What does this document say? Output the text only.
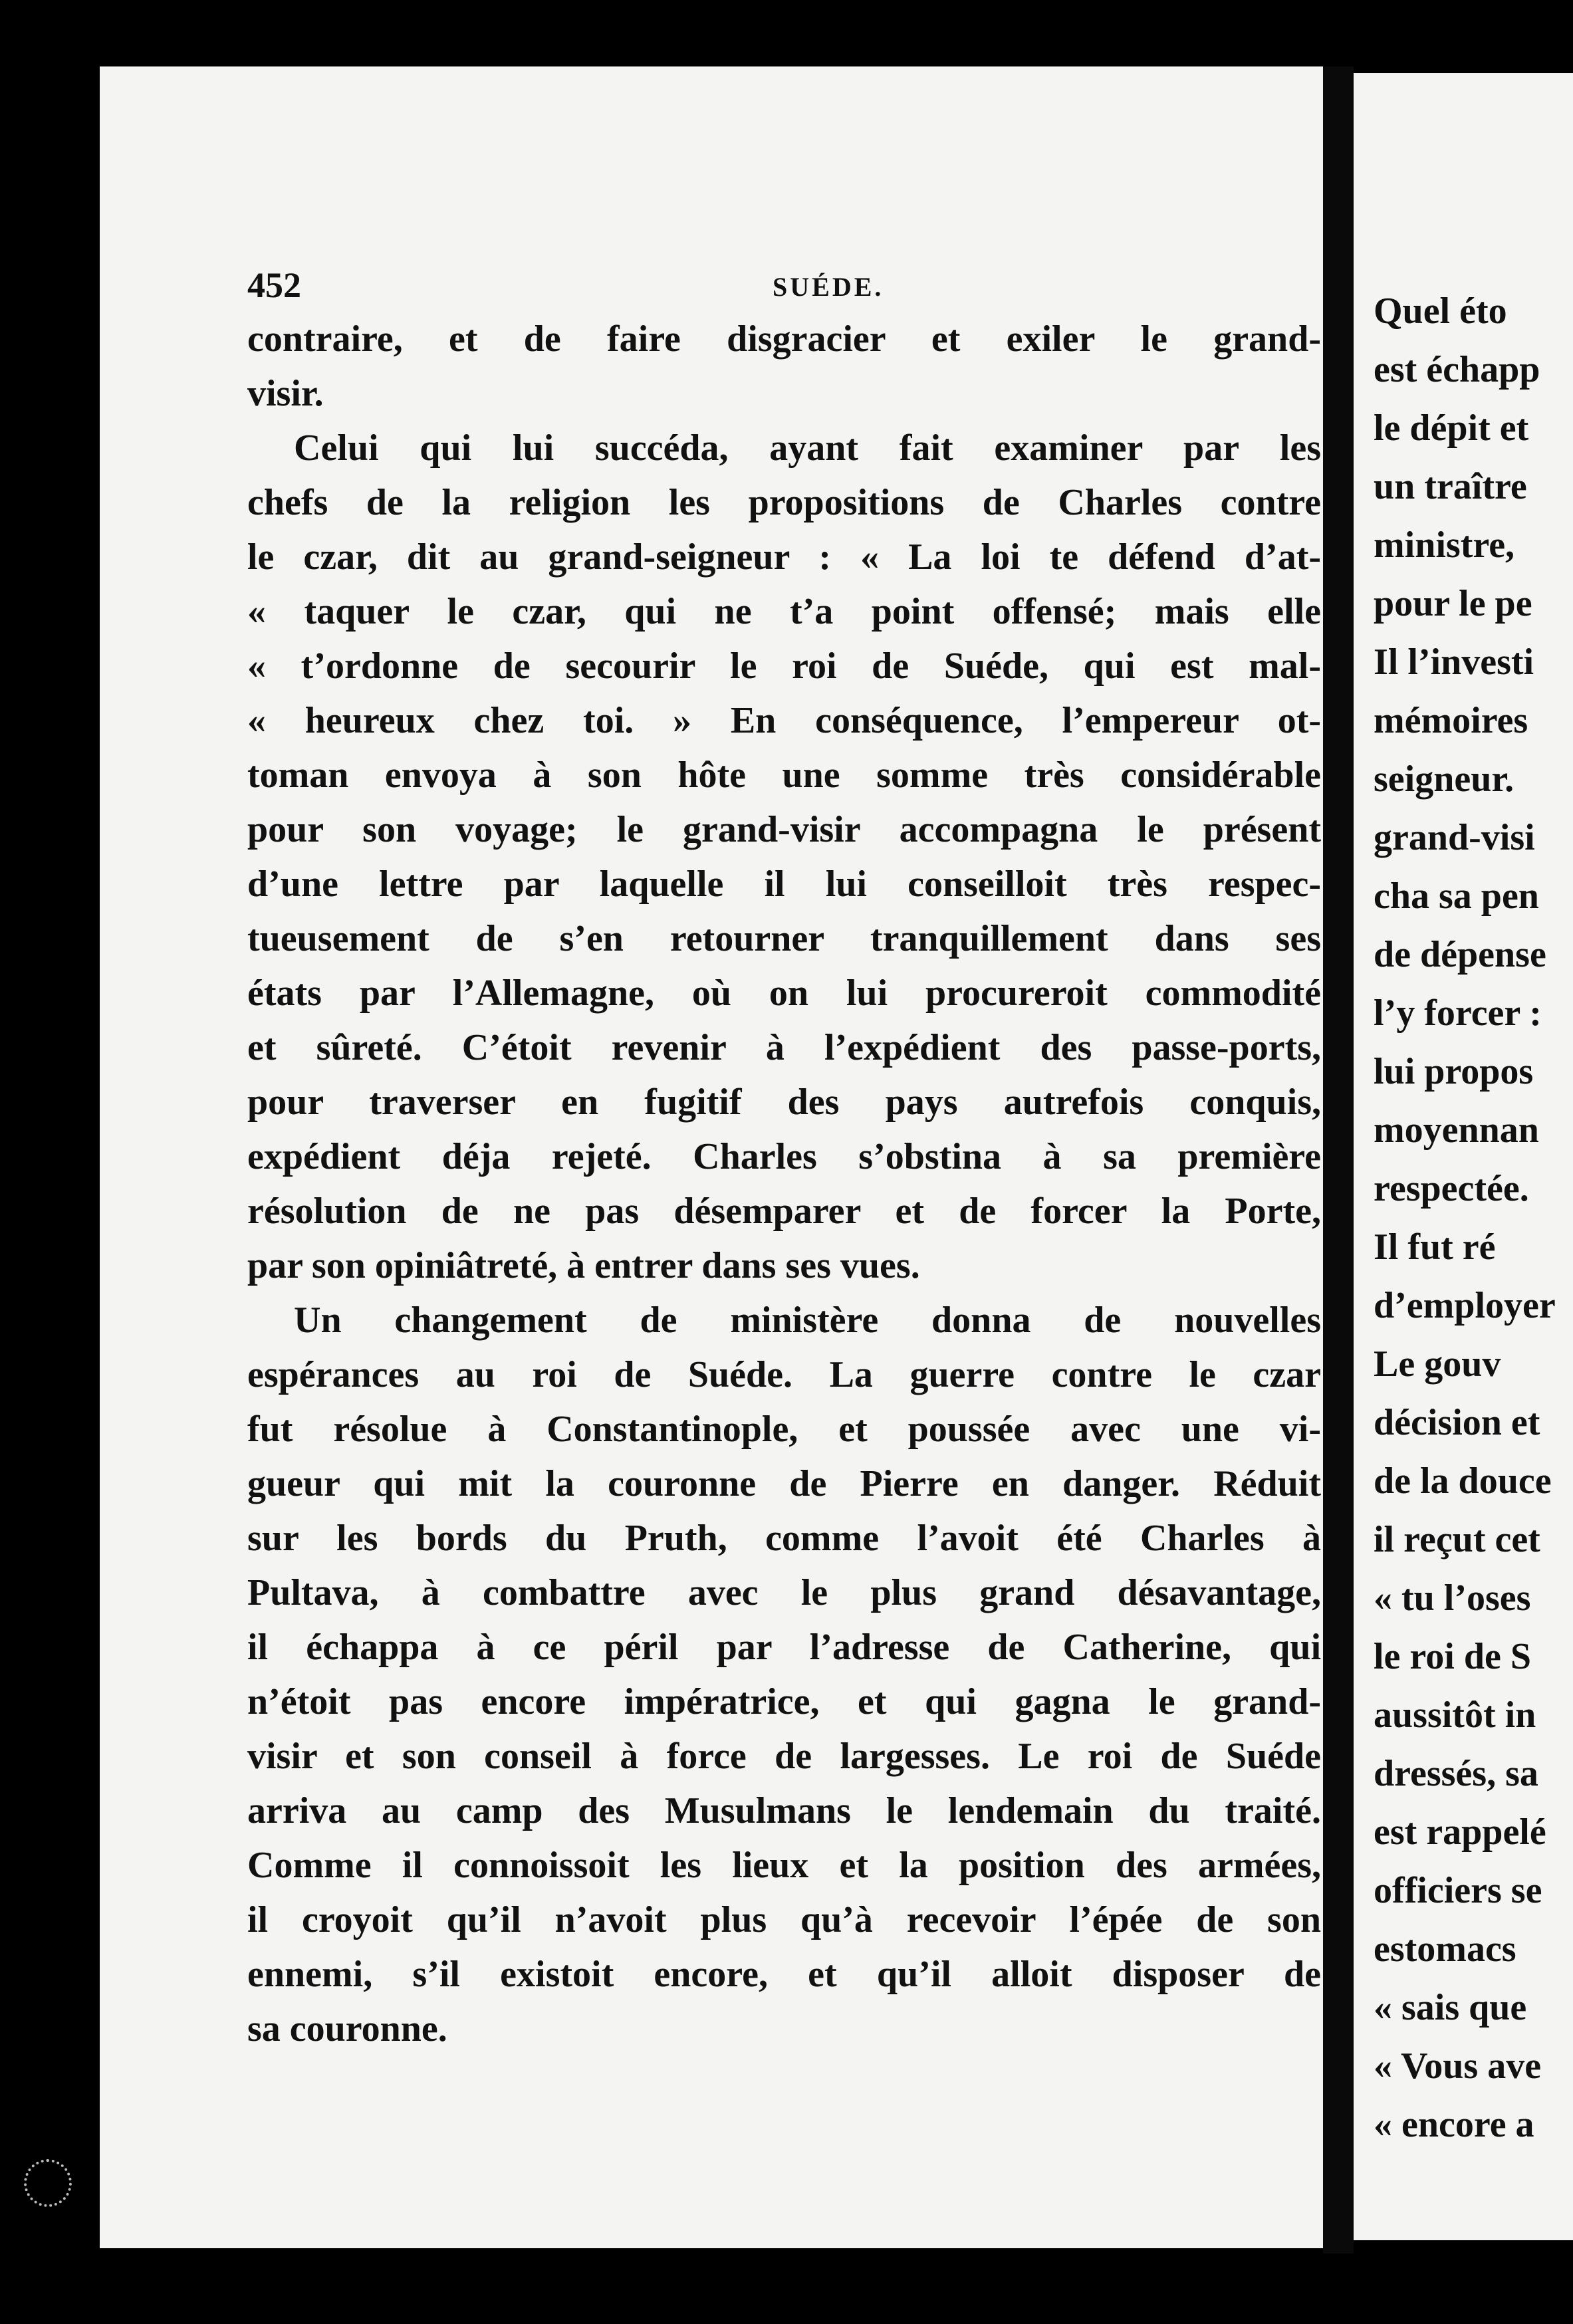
Quel éto
est échapp
le dépit et
un traître
ministre,
pour le pe
Il l’investi
mémoires
seigneur.
grand-visi
cha sa pen
de dépense
l’y forcer :
lui propos
moyennan
respectée.
Il fut ré
d’employer
Le gouv
décision et
de la douce
il reçut cet
« tu l’oses
le roi de S
aussitôt in
dressés, sa
est rappelé
officiers se
estomacs
« sais que
« Vous ave
« encore a
452	SUÉDE.
contraire, et de faire disgracier et exiler le grand-
visir.
Celui qui lui succéda, ayant fait examiner par les
chefs de la religion les propositions de Charles contre
le czar, dit au grand-seigneur : « La loi te défend d’at-
« taquer le czar, qui ne t’a point offensé; mais elle
« t’ordonne de secourir le roi de Suéde, qui est mal-
« heureux chez toi. » En conséquence, l’empereur ot-
toman envoya à son hôte une somme très considérable
pour son voyage; le grand-visir accompagna le présent
d’une lettre par laquelle il lui conseilloit très respec-
tueusement de s’en retourner tranquillement dans ses
états par l’Allemagne, où on lui procureroit commodité
et sûreté. C’étoit revenir à l’expédient des passe-ports,
pour traverser en fugitif des pays autrefois conquis,
expédient déja rejeté. Charles s’obstina à sa première
résolution de ne pas désemparer et de forcer la Porte,
par son opiniâtreté, à entrer dans ses vues.
Un changement de ministère donna de nouvelles
espérances au roi de Suéde. La guerre contre le czar
fut résolue à Constantinople, et poussée avec une vi-
gueur qui mit la couronne de Pierre en danger. Réduit
sur les bords du Pruth, comme l’avoit été Charles à
Pultava, à combattre avec le plus grand désavantage,
il échappa à ce péril par l’adresse de Catherine, qui
n’étoit pas encore impératrice, et qui gagna le grand-
visir et son conseil à force de largesses. Le roi de Suéde
arriva au camp des Musulmans le lendemain du traité.
Comme il connoissoit les lieux et la position des armées,
il croyoit qu’il n’avoit plus qu’à recevoir l’épée de son
ennemi, s’il existoit encore, et qu’il alloit disposer de
sa couronne.
